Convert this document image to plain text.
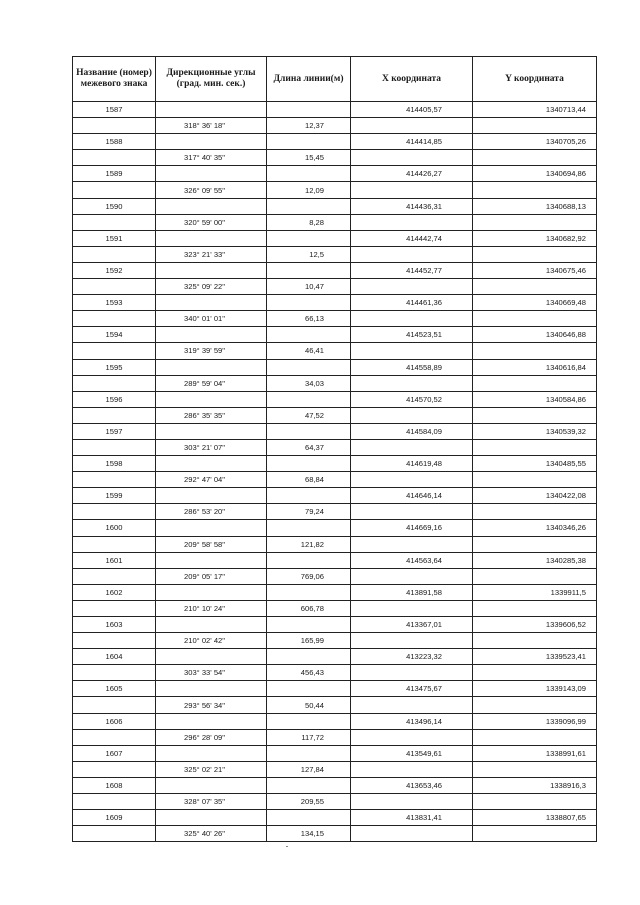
Название (номер) межевого знака	Дирекционные углы (град. мин. сек.)	Длина линии(м)	X координата	Y координата
1587			414405,57	1340713,44
	318° 36' 18"	12,37		
1588			414414,85	1340705,26
	317° 40' 35"	15,45		
1589			414426,27	1340694,86
	326° 09' 55"	12,09		
1590			414436,31	1340688,13
	320° 59' 00"	8,28		
1591			414442,74	1340682,92
	323° 21' 33"	12,5		
1592			414452,77	1340675,46
	325° 09' 22"	10,47		
1593			414461,36	1340669,48
	340° 01' 01"	66,13		
1594			414523,51	1340646,88
	319° 39' 59"	46,41		
1595			414558,89	1340616,84
	289° 59' 04"	34,03		
1596			414570,52	1340584,86
	286° 35' 35"	47,52		
1597			414584,09	1340539,32
	303° 21' 07"	64,37		
1598			414619,48	1340485,55
	292° 47' 04"	68,84		
1599			414646,14	1340422,08
	286° 53' 20"	79,24		
1600			414669,16	1340346,26
	209° 58' 58"	121,82		
1601			414563,64	1340285,38
	209° 05' 17"	769,06		
1602			413891,58	1339911,5
	210° 10' 24"	606,78		
1603			413367,01	1339606,52
	210° 02' 42"	165,99		
1604			413223,32	1339523,41
	303° 33' 54"	456,43		
1605			413475,67	1339143,09
	293° 56' 34"	50,44		
1606			413496,14	1339096,99
	296° 28' 09"	117,72		
1607			413549,61	1338991,61
	325° 02' 21"	127,84		
1608			413653,46	1338916,3
	328° 07' 35"	209,55		
1609			413831,41	1338807,65
	325° 40' 26"	134,15		
